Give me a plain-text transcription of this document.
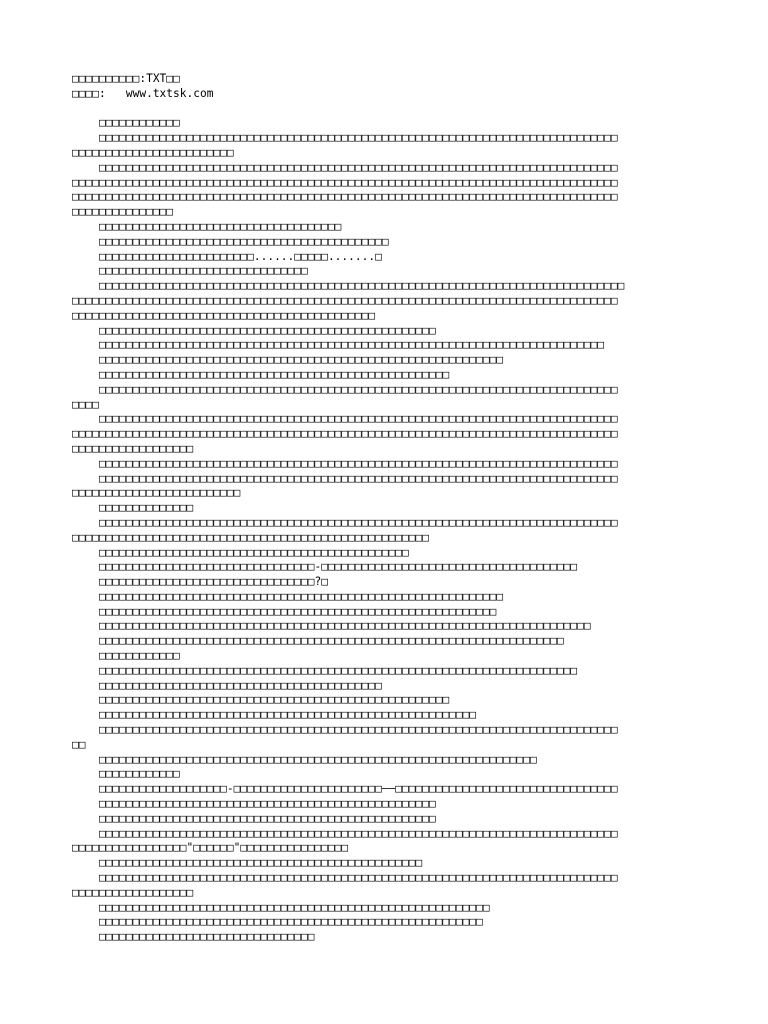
□□□□□□□□□□:TXT□□
□□□□:   www.txtsk.com
□□□□□□□□□□□□
□□□□□□□□□□□□□□□□□□□□□□□□□□□□□□□□□□□□□□□□□□□□□□□□□□□□□□□□□□□□□□□□□□□□□□□□□□□□□
□□□□□□□□□□□□□□□□□□□□□□□□
□□□□□□□□□□□□□□□□□□□□□□□□□□□□□□□□□□□□□□□□□□□□□□□□□□□□□□□□□□□□□□□□□□□□□□□□□□□□□
□□□□□□□□□□□□□□□□□□□□□□□□□□□□□□□□□□□□□□□□□□□□□□□□□□□□□□□□□□□□□□□□□□□□□□□□□□□□□□□□□
□□□□□□□□□□□□□□□□□□□□□□□□□□□□□□□□□□□□□□□□□□□□□□□□□□□□□□□□□□□□□□□□□□□□□□□□□□□□□□□□□
□□□□□□□□□□□□□□□
□□□□□□□□□□□□□□□□□□□□□□□□□□□□□□□□□□□□
□□□□□□□□□□□□□□□□□□□□□□□□□□□□□□□□□□□□□□□□□□□
□□□□□□□□□□□□□□□□□□□□□□□......□□□□□.......□
□□□□□□□□□□□□□□□□□□□□□□□□□□□□□□□
□□□□□□□□□□□□□□□□□□□□□□□□□□□□□□□□□□□□□□□□□□□□□□□□□□□□□□□□□□□□□□□□□□□□□□□□□□□□□□
□□□□□□□□□□□□□□□□□□□□□□□□□□□□□□□□□□□□□□□□□□□□□□□□□□□□□□□□□□□□□□□□□□□□□□□□□□□□□□□□□
□□□□□□□□□□□□□□□□□□□□□□□□□□□□□□□□□□□□□□□□□□□□□
□□□□□□□□□□□□□□□□□□□□□□□□□□□□□□□□□□□□□□□□□□□□□□□□□□
□□□□□□□□□□□□□□□□□□□□□□□□□□□□□□□□□□□□□□□□□□□□□□□□□□□□□□□□□□□□□□□□□□□□□□□□□□□
□□□□□□□□□□□□□□□□□□□□□□□□□□□□□□□□□□□□□□□□□□□□□□□□□□□□□□□□□□□□
□□□□□□□□□□□□□□□□□□□□□□□□□□□□□□□□□□□□□□□□□□□□□□□□□□□□
□□□□□□□□□□□□□□□□□□□□□□□□□□□□□□□□□□□□□□□□□□□□□□□□□□□□□□□□□□□□□□□□□□□□□□□□□□□□□
□□□□
□□□□□□□□□□□□□□□□□□□□□□□□□□□□□□□□□□□□□□□□□□□□□□□□□□□□□□□□□□□□□□□□□□□□□□□□□□□□□
□□□□□□□□□□□□□□□□□□□□□□□□□□□□□□□□□□□□□□□□□□□□□□□□□□□□□□□□□□□□□□□□□□□□□□□□□□□□□□□□□
□□□□□□□□□□□□□□□□□□
□□□□□□□□□□□□□□□□□□□□□□□□□□□□□□□□□□□□□□□□□□□□□□□□□□□□□□□□□□□□□□□□□□□□□□□□□□□□□
□□□□□□□□□□□□□□□□□□□□□□□□□□□□□□□□□□□□□□□□□□□□□□□□□□□□□□□□□□□□□□□□□□□□□□□□□□□□□
□□□□□□□□□□□□□□□□□□□□□□□□□
□□□□□□□□□□□□□□
□□□□□□□□□□□□□□□□□□□□□□□□□□□□□□□□□□□□□□□□□□□□□□□□□□□□□□□□□□□□□□□□□□□□□□□□□□□□□
□□□□□□□□□□□□□□□□□□□□□□□□□□□□□□□□□□□□□□□□□□□□□□□□□□□□□
□□□□□□□□□□□□□□□□□□□□□□□□□□□□□□□□□□□□□□□□□□□□□□
□□□□□□□□□□□□□□□□□□□□□□□□□□□□□□□□-□□□□□□□□□□□□□□□□□□□□□□□□□□□□□□□□□□□□□□
□□□□□□□□□□□□□□□□□□□□□□□□□□□□□□□□?□
□□□□□□□□□□□□□□□□□□□□□□□□□□□□□□□□□□□□□□□□□□□□□□□□□□□□□□□□□□□□
□□□□□□□□□□□□□□□□□□□□□□□□□□□□□□□□□□□□□□□□□□□□□□□□□□□□□□□□□□□
□□□□□□□□□□□□□□□□□□□□□□□□□□□□□□□□□□□□□□□□□□□□□□□□□□□□□□□□□□□□□□□□□□□□□□□□□
□□□□□□□□□□□□□□□□□□□□□□□□□□□□□□□□□□□□□□□□□□□□□□□□□□□□□□□□□□□□□□□□□□□□□
□□□□□□□□□□□□
□□□□□□□□□□□□□□□□□□□□□□□□□□□□□□□□□□□□□□□□□□□□□□□□□□□□□□□□□□□□□□□□□□□□□□□
□□□□□□□□□□□□□□□□□□□□□□□□□□□□□□□□□□□□□□□□□□
□□□□□□□□□□□□□□□□□□□□□□□□□□□□□□□□□□□□□□□□□□□□□□□□□□□□
□□□□□□□□□□□□□□□□□□□□□□□□□□□□□□□□□□□□□□□□□□□□□□□□□□□□□□□□
□□□□□□□□□□□□□□□□□□□□□□□□□□□□□□□□□□□□□□□□□□□□□□□□□□□□□□□□□□□□□□□□□□□□□□□□□□□□□
□□
□□□□□□□□□□□□□□□□□□□□□□□□□□□□□□□□□□□□□□□□□□□□□□□□□□□□□□□□□□□□□□□□□
□□□□□□□□□□□□
□□□□□□□□□□□□□□□□□□□-□□□□□□□□□□□□□□□□□□□□□□——□□□□□□□□□□□□□□□□□□□□□□□□□□□□□□□□□
□□□□□□□□□□□□□□□□□□□□□□□□□□□□□□□□□□□□□□□□□□□□□□□□□□
□□□□□□□□□□□□□□□□□□□□□□□□□□□□□□□□□□□□□□□□□□□□□□□□□□
□□□□□□□□□□□□□□□□□□□□□□□□□□□□□□□□□□□□□□□□□□□□□□□□□□□□□□□□□□□□□□□□□□□□□□□□□□□□□
□□□□□□□□□□□□□□□□□"□□□□□□"□□□□□□□□□□□□□□□□
□□□□□□□□□□□□□□□□□□□□□□□□□□□□□□□□□□□□□□□□□□□□□□□□
□□□□□□□□□□□□□□□□□□□□□□□□□□□□□□□□□□□□□□□□□□□□□□□□□□□□□□□□□□□□□□□□□□□□□□□□□□□□□
□□□□□□□□□□□□□□□□□□
□□□□□□□□□□□□□□□□□□□□□□□□□□□□□□□□□□□□□□□□□□□□□□□□□□□□□□□□□□
□□□□□□□□□□□□□□□□□□□□□□□□□□□□□□□□□□□□□□□□□□□□□□□□□□□□□□□□□
□□□□□□□□□□□□□□□□□□□□□□□□□□□□□□□□
